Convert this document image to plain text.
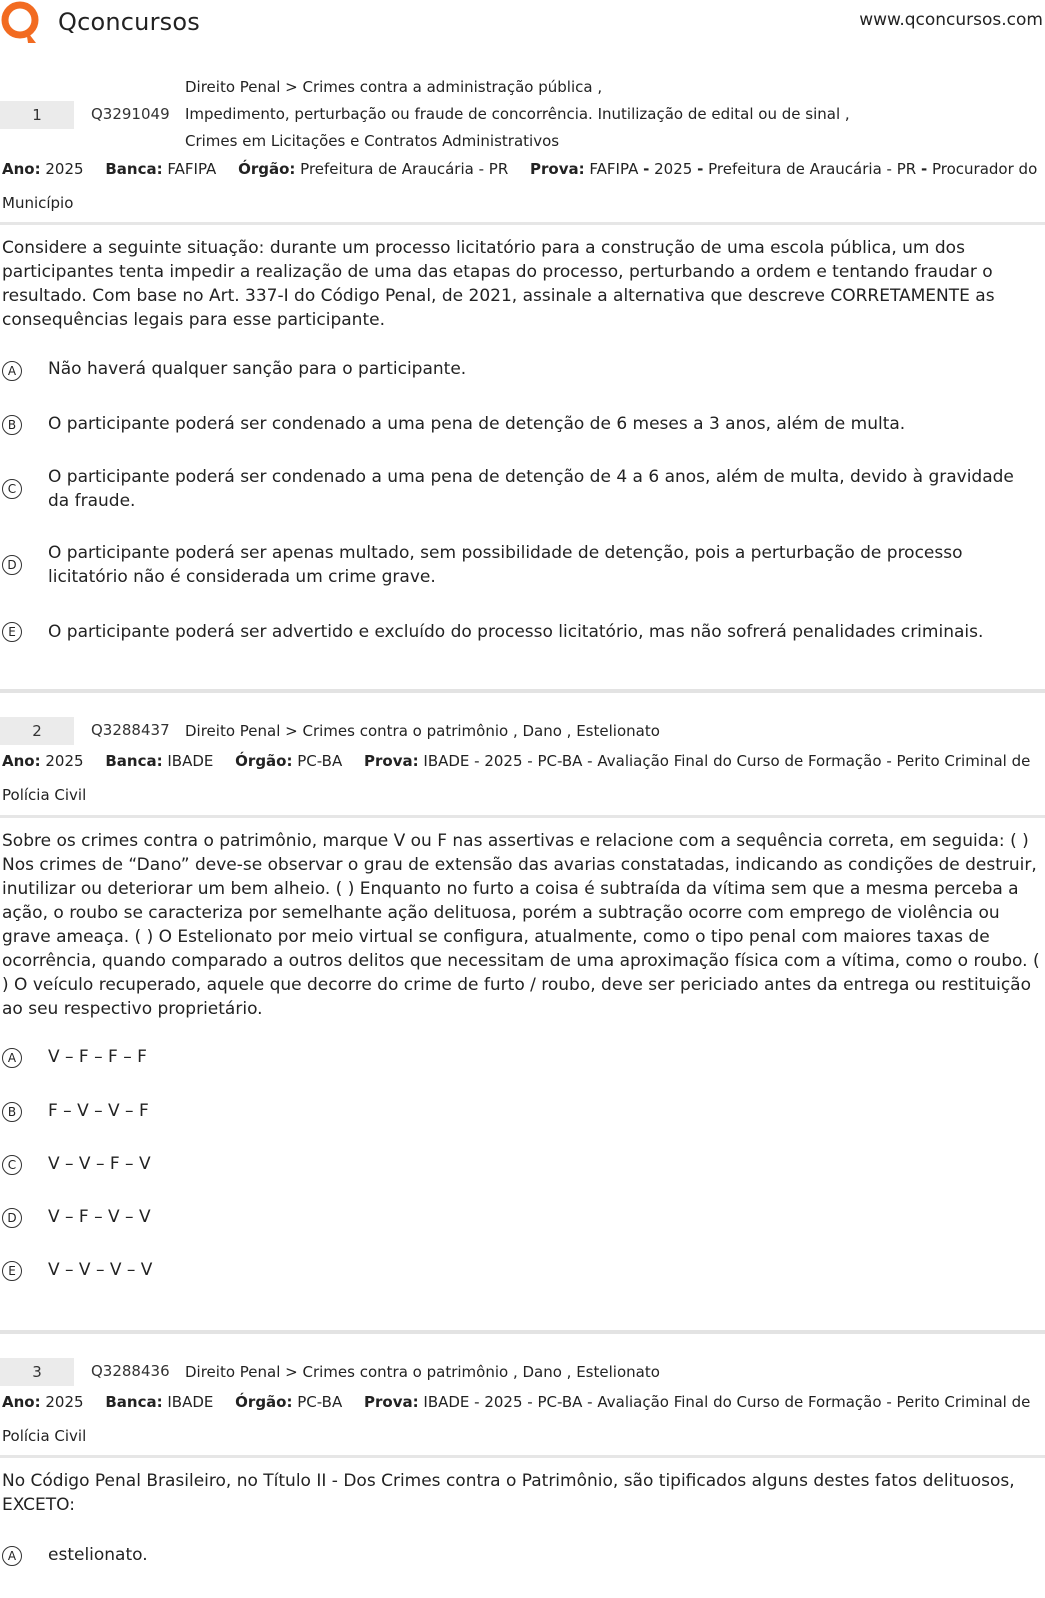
Qconcursos	www.qconcursos.com
Direito Penal > Crimes contra a administração pública ,
Impedimento, perturbação ou fraude de concorrência. Inutilização de edital ou de sinal ,
Crimes em Licitações e Contratos Administrativos
1	Q3291049
Ano: 2025 Banca: FAFIPA Órgão: Prefeitura de Araucária - PR Prova: FAFIPA - 2025 - Prefeitura de Araucária - PR - Procurador do Município
Considere a seguinte situação: durante um processo licitatório para a construção de uma escola pública, um dos participantes tenta impedir a realização de uma das etapas do processo, perturbando a ordem e tentando fraudar o resultado. Com base no Art. 337-I do Código Penal, de 2021, assinale a alternativa que descreve CORRETAMENTE as consequências legais para esse participante.
A	Não haverá qualquer sanção para o participante.
B	O participante poderá ser condenado a uma pena de detenção de 6 meses a 3 anos, além de multa.
C
O participante poderá ser condenado a uma pena de detenção de 4 a 6 anos, além de multa, devido à gravidade da fraude.
D
O participante poderá ser apenas multado, sem possibilidade de detenção, pois a perturbação de processo licitatório não é considerada um crime grave.
E	O participante poderá ser advertido e excluído do processo licitatório, mas não sofrerá penalidades criminais.
2	Q3288437 Direito Penal > Crimes contra o patrimônio , Dano , Estelionato
Ano: 2025 Banca: IBADE Órgão: PC-BA Prova: IBADE - 2025 - PC-BA - Avaliação Final do Curso de Formação - Perito Criminal de Polícia Civil
Sobre os crimes contra o patrimônio, marque V ou F nas assertivas e relacione com a sequência correta, em seguida: ( ) Nos crimes de “Dano” deve-se observar o grau de extensão das avarias constatadas, indicando as condições de destruir, inutilizar ou deteriorar um bem alheio. ( ) Enquanto no furto a coisa é subtraída da vítima sem que a mesma perceba a ação, o roubo se caracteriza por semelhante ação delituosa, porém a subtração ocorre com emprego de violência ou grave ameaça. ( ) O Estelionato por meio virtual se configura, atualmente, como o tipo penal com maiores taxas de ocorrência, quando comparado a outros delitos que necessitam de uma aproximação física com a vítima, como o roubo. ( ) O veículo recuperado, aquele que decorre do crime de furto / roubo, deve ser periciado antes da entrega ou restituição ao seu respectivo proprietário.
A	V – F – F – F
B	F – V – V – F
C	V – V – F – V
D	V – F – V – V
E	V – V – V – V
3	Q3288436 Direito Penal > Crimes contra o patrimônio , Dano , Estelionato
Ano: 2025 Banca: IBADE Órgão: PC-BA Prova: IBADE - 2025 - PC-BA - Avaliação Final do Curso de Formação - Perito Criminal de Polícia Civil
No Código Penal Brasileiro, no Título II - Dos Crimes contra o Patrimônio, são tipificados alguns destes fatos delituosos, EXCETO:
A	estelionato.
